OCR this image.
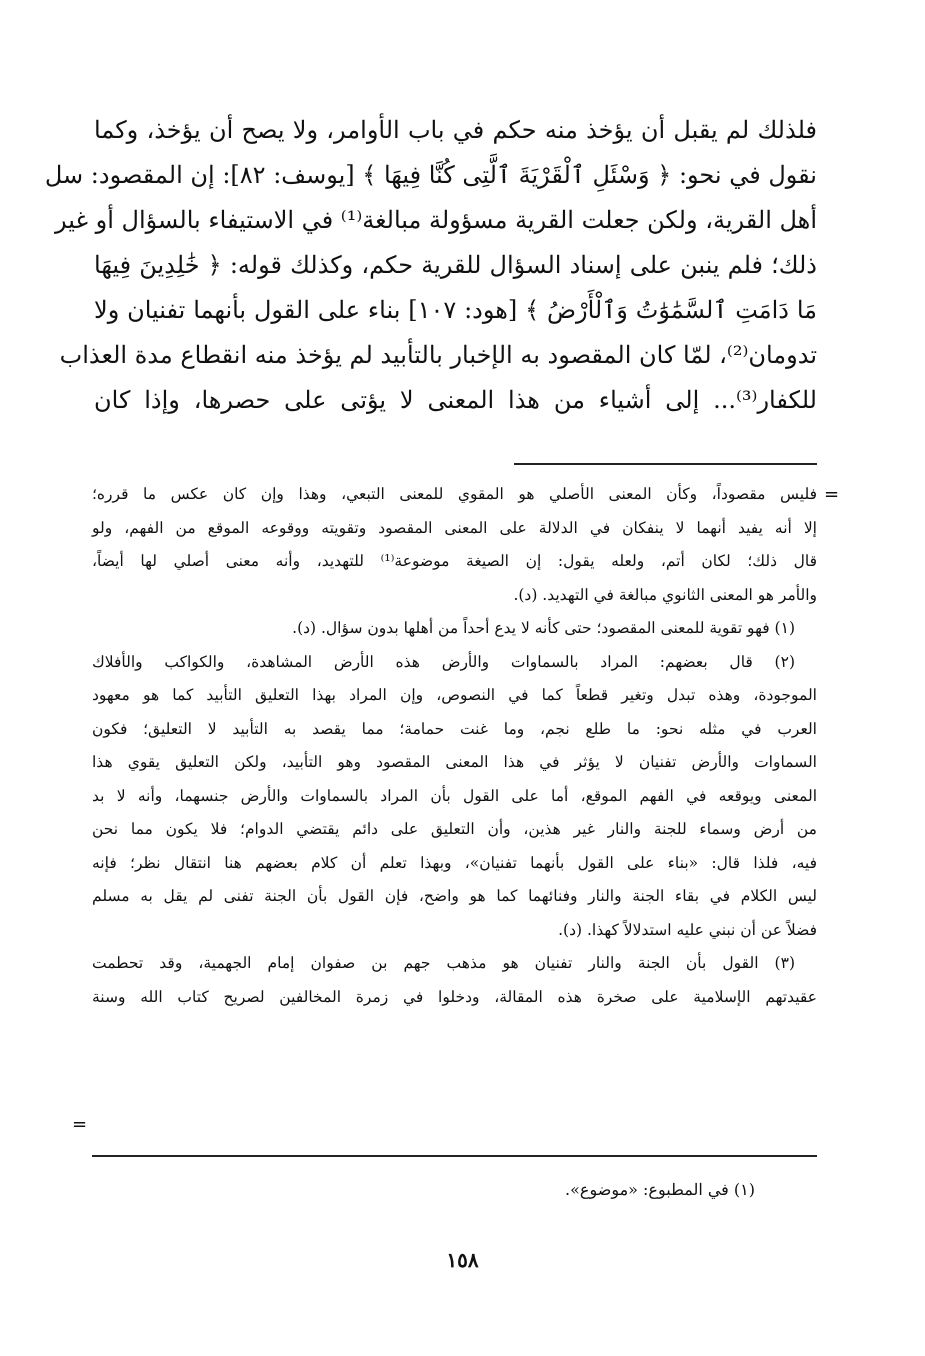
فلذلك لم يقبل أن يؤخذ منه حكم في باب الأوامر، ولا يصح أن يؤخذ، وكما
نقول في نحو: ﴿ وَسْئَلِ ٱلْقَرْيَةَ ٱلَّتِى كُنَّا فِيهَا ﴾ [يوسف: ٨٢]: إن المقصود: سل
أهل القرية، ولكن جعلت القرية مسؤولة مبالغة⁽¹⁾ في الاستيفاء بالسؤال أو غير
ذلك؛ فلم ينبن على إسناد السؤال للقرية حكم، وكذلك قوله: ﴿ خَٰلِدِينَ فِيهَا
مَا دَامَتِ ٱلسَّمَٰوَٰتُ وَٱلْأَرْضُ ﴾ [هود: ١٠٧] بناء على القول بأنهما تفنيان ولا
تدومان⁽²⁾، لمّا كان المقصود به الإخبار بالتأبيد لم يؤخذ منه انقطاع مدة العذاب
للكفار⁽³⁾... إلى أشياء من هذا المعنى لا يؤتى على حصرها، وإذا كان
=
فليس مقصوداً، وكأن المعنى الأصلي هو المقوي للمعنى التبعي، وهذا وإن كان عكس ما قرره؛
إلا أنه يفيد أنهما لا ينفكان في الدلالة على المعنى المقصود وتقويته ووقوعه الموقع من الفهم، ولو
قال ذلك؛ لكان أتم، ولعله يقول: إن الصيغة موضوعة⁽¹⁾ للتهديد، وأنه معنى أصلي لها أيضاً،
والأمر هو المعنى الثانوي مبالغة في التهديد. (د).
(١) فهو تقوية للمعنى المقصود؛ حتى كأنه لا يدع أحداً من أهلها بدون سؤال. (د).
(٢) قال بعضهم: المراد بالسماوات والأرض هذه الأرض المشاهدة، والكواكب والأفلاك
الموجودة، وهذه تبدل وتغير قطعاً كما في النصوص، وإن المراد بهذا التعليق التأبيد كما هو معهود
العرب في مثله نحو: ما طلع نجم، وما غنت حمامة؛ مما يقصد به التأبيد لا التعليق؛ فكون
السماوات والأرض تفنيان لا يؤثر في هذا المعنى المقصود وهو التأبيد، ولكن التعليق يقوي هذا
المعنى ويوقعه في الفهم الموقع، أما على القول بأن المراد بالسماوات والأرض جنسهما، وأنه لا بد
من أرض وسماء للجنة والنار غير هذين، وأن التعليق على دائم يقتضي الدوام؛ فلا يكون مما نحن
فيه، فلذا قال: «بناء على القول بأنهما تفنيان»، وبهذا تعلم أن كلام بعضهم هنا انتقال نظر؛ فإنه
ليس الكلام في بقاء الجنة والنار وفنائهما كما هو واضح، فإن القول بأن الجنة تفنى لم يقل به مسلم
فضلاً عن أن نبني عليه استدلالاً كهذا. (د).
(٣) القول بأن الجنة والنار تفنيان هو مذهب جهم بن صفوان إمام الجهمية، وقد تحطمت
عقيدتهم الإسلامية على صخرة هذه المقالة، ودخلوا في زمرة المخالفين لصريح كتاب الله وسنة
=
(١) في المطبوع: «موضوع».
١٥٨
